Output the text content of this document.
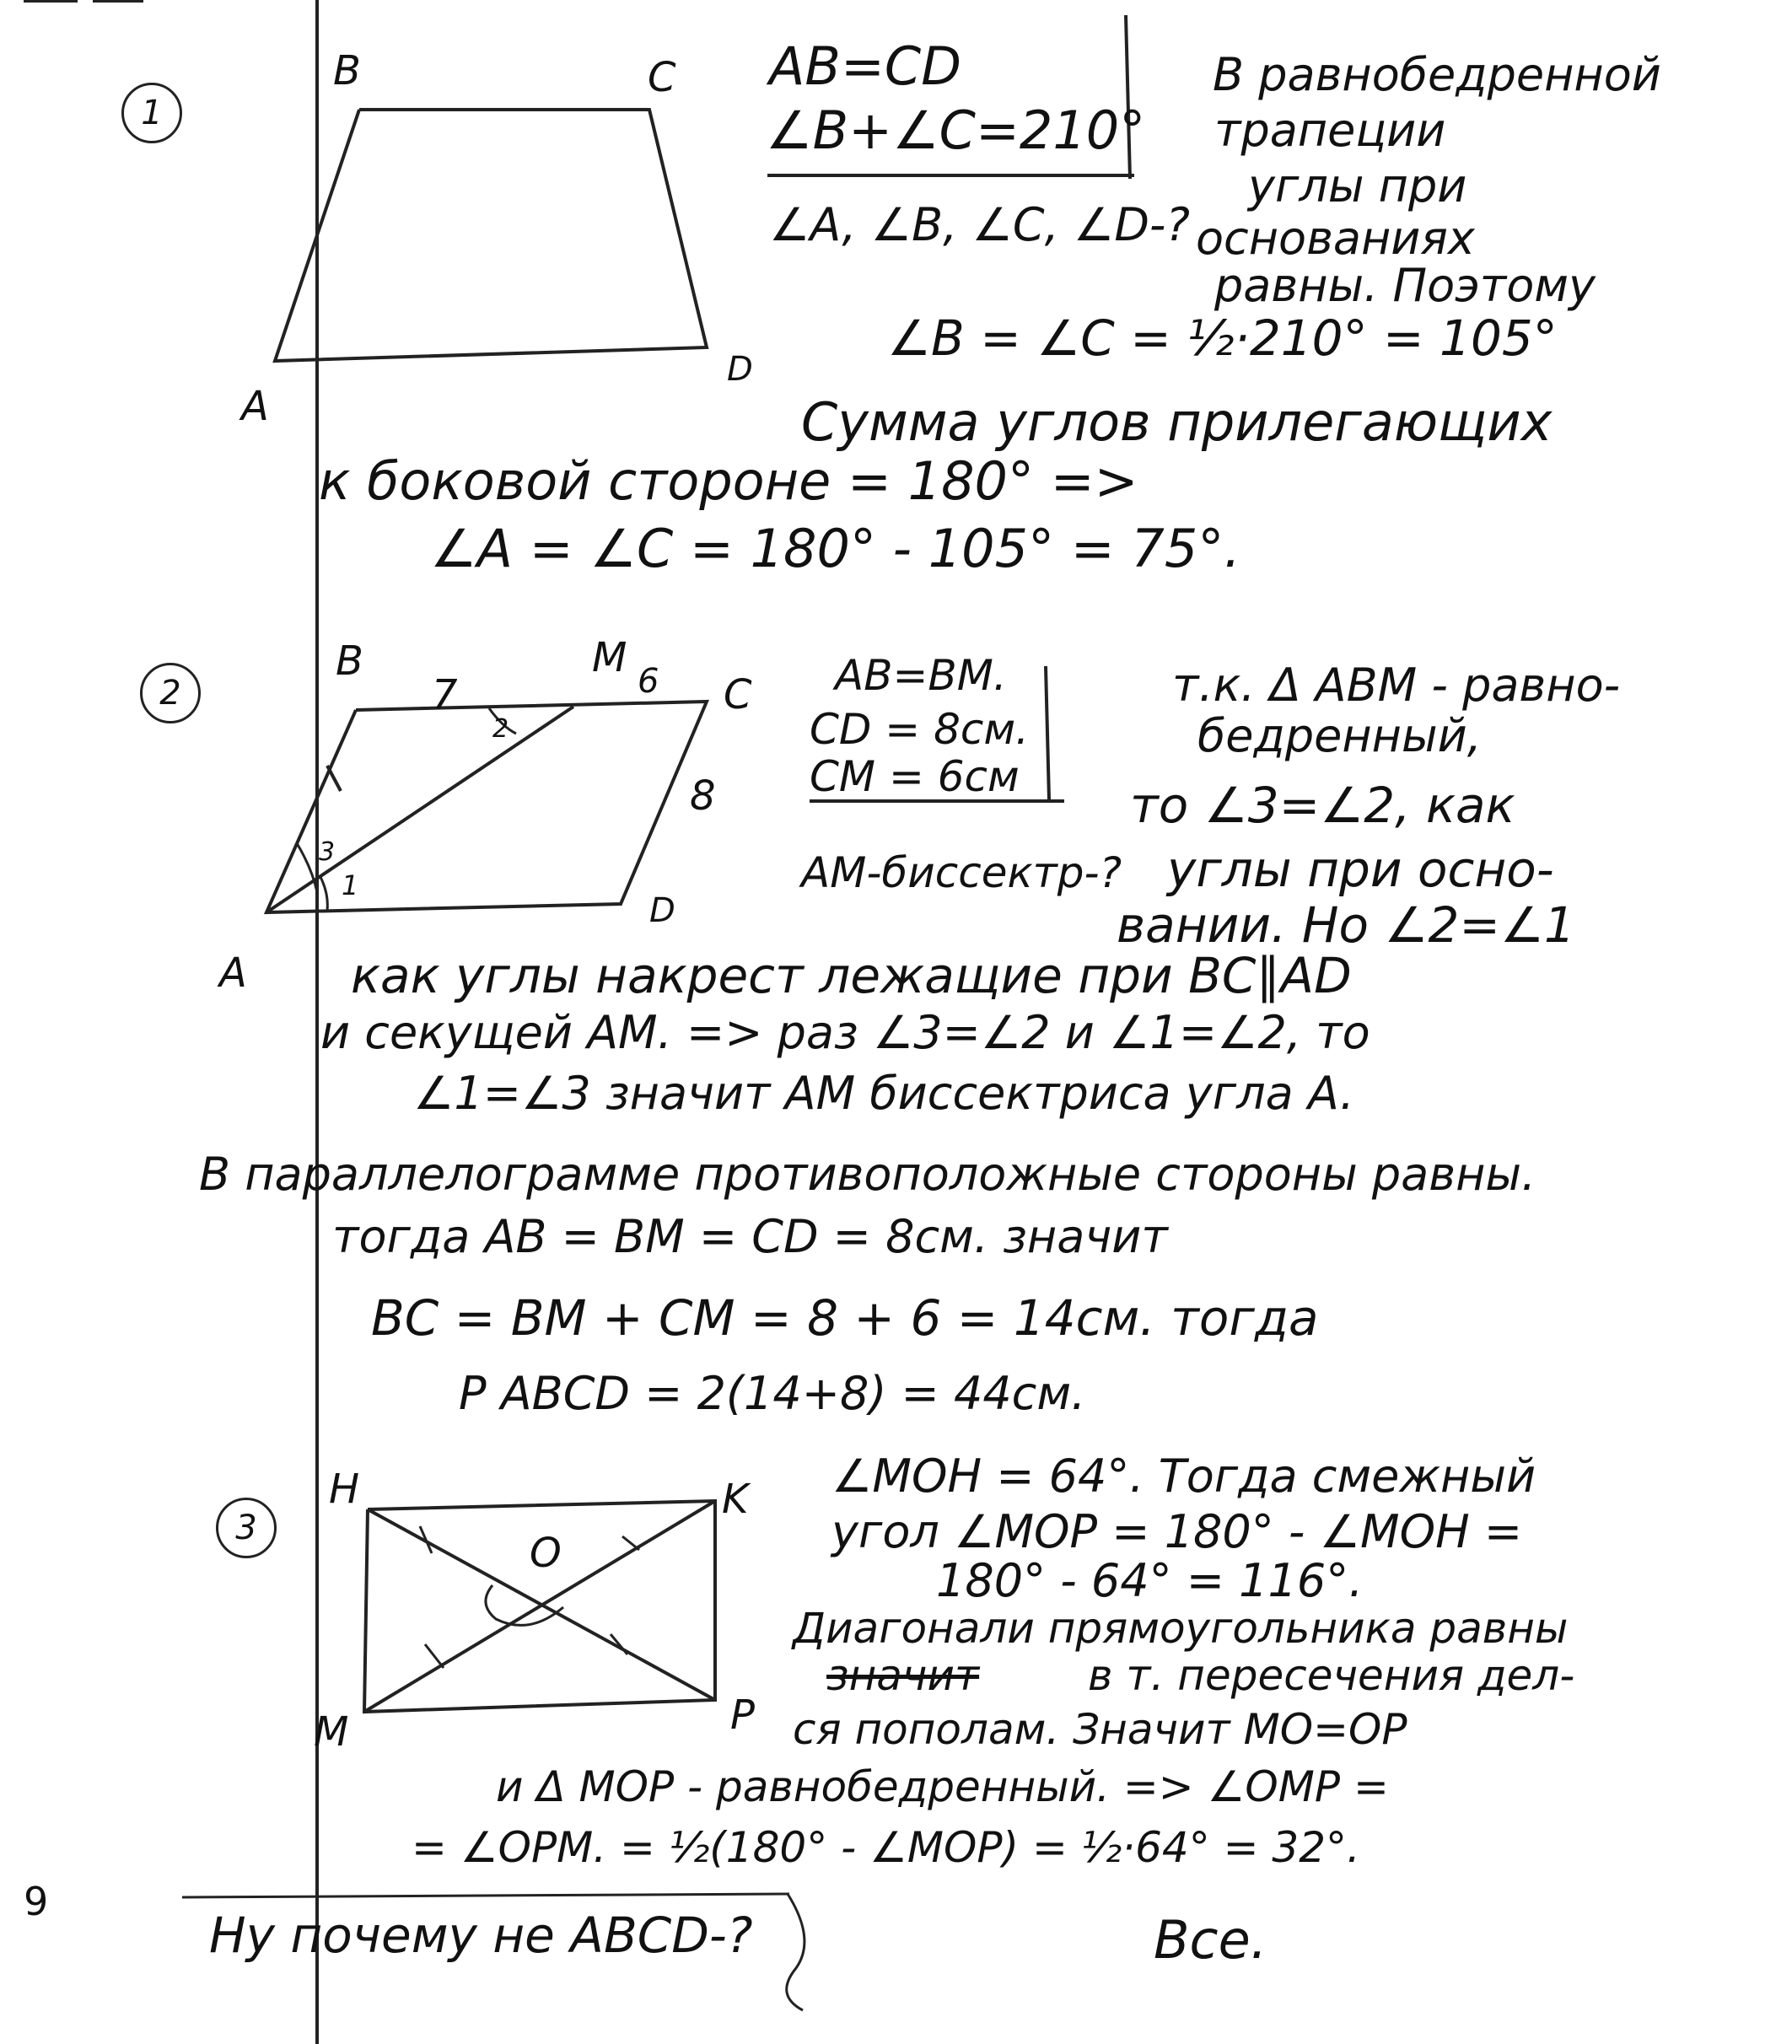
1
B	C
A
D
AB=CD
∠B+∠C=210°
∠A, ∠B, ∠C, ∠D-?
В равнобедренной
трапеции
углы при
основаниях
равны. Поэтому
∠B = ∠C = ½·210° = 105°
Сумма углов прилегающих
к боковой стороне = 180° =>
∠A = ∠C = 180° - 105° = 75°.
2
B	M
C
D
A
7	6
8
1
2
3
AB=BM.
CD = 8см.
CM = 6см
AM-биссектр-?
т.к. Δ ABM - равно-
бедренный,
то ∠3=∠2, как
углы при осно-
вании. Но ∠2=∠1
как углы накрест лежащие при BC∥AD
и секущей AM. => раз ∠3=∠2 и ∠1=∠2, то
∠1=∠3 значит AM биссектриса угла A.
В параллелограмме противоположные стороны равны.
тогда AB = BM = CD = 8см. значит
BC = BM + CM = 8 + 6 = 14см. тогда
P ABCD = 2(14+8) = 44см.
3
H	K
M	P
O
∠MOH = 64°. Тогда смежный
угол ∠MOP = 180° - ∠MOH =
180° - 64° = 116°.
Диагонали прямоугольника равны
значит	в т. пересечения дел-
ся пополам. Значит MO=OP
и Δ MOP - равнобедренный. => ∠OMP =
= ∠OPM. = ½(180° - ∠MOP) = ½·64° = 32°.
Ну почему не ABCD-?	Все.
9
